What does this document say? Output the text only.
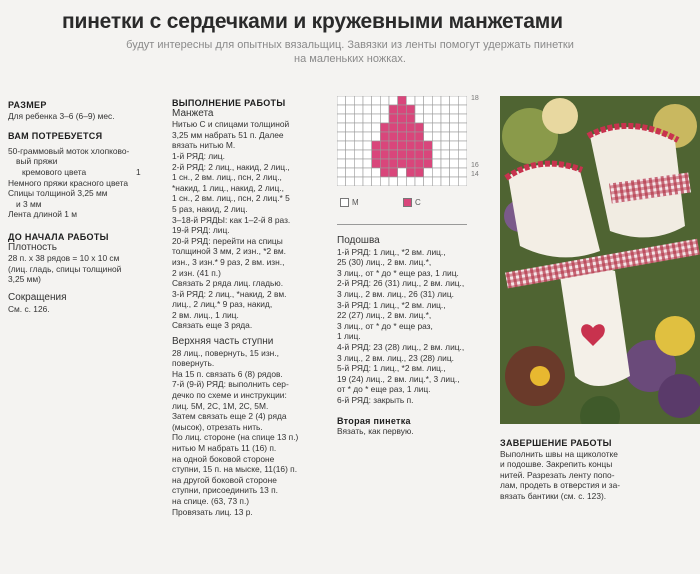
пинетки с сердечками и кружевными манжетами
будут интересны для опытных вязальщиц. Завязки из ленты помогут удержать пинетки
на маленьких ножках.

РАЗМЕР

Для ребенка 3–6 (6–9) мес.

ВАМ ПОТРЕБУЕТСЯ

50-граммовый моток хлопково-

вый пряжи

кремового цвета	1

Немного пряжи красного цвета

Спицы толщиной 3,25 мм

и 3 мм

Лента длиной 1 м

ДО НАЧАЛА РАБОТЫ

Плотность

28 п. х 38 рядов = 10 х 10 см

(лиц. гладь, спицы толщиной

3,25 мм)

Сокращения

См. с. 126.

ВЫПОЛНЕНИЕ РАБОТЫ

Манжета

Нитью С и спицами толщиной

3,25 мм набрать 51 п. Далее

вязать нитью М.

1-й РЯД: лиц.

2-й РЯД: 2 лиц., накид, 2 лиц.,

1 сн., 2 вм. лиц., псн, 2 лиц.,

*накид, 1 лиц., накид, 2 лиц.,

1 сн., 2 вм. лиц., псн, 2 лиц.* 5

5 раз, накид, 2 лиц.

3–18-й РЯДЫ: как 1–2-й 8 раз.

19-й РЯД: лиц.

20-й РЯД: перейти на спицы

толщиной 3 мм, 2 изн., *2 вм.

изн., 3 изн.* 9 раз, 2 вм. изн.,

2 изн. (41 п.)

Связать 2 ряда лиц. гладью.

3-й РЯД: 2 лиц., *накид, 2 вм.

лиц., 2 лиц.* 9 раз, накид,

2 вм. лиц., 1 лиц.

Связать еще 3 ряда.

Верхняя часть ступни

28 лиц., повернуть, 15 изн.,

повернуть.

На 15 п. связать 6 (8) рядов.

7-й (9-й) РЯД: выполнить сер-

дечко по схеме и инструкции:

лиц. 5М, 2С, 1М, 2С, 5М.

Затем связать еще 2 (4) ряда

(мысок), отрезать нить.

По лиц. стороне (на спице 13 п.)

нитью М набрать 11 (16) п.

на одной боковой стороне

ступни, 15 п. на мыске, 11(16) п.

на другой боковой стороне

ступни, присоединить 13 п.

на спице. (63, 73 п.)

Провязать лиц. 13 р.

18

16

14

М	С

Подошва

1-й РЯД: 1 лиц., *2 вм. лиц.,

25 (30) лиц., 2 вм. лиц.*,

3 лиц., от * до * еще раз, 1 лиц.

2-й РЯД: 26 (31) лиц., 2 вм. лиц.,

3 лиц., 2 вм. лиц., 26 (31) лиц.

3-й РЯД: 1 лиц., *2 вм. лиц.,

22 (27) лиц., 2 вм. лиц.*,

3 лиц., от * до * еще раз,

1 лиц.

4-й РЯД: 23 (28) лиц., 2 вм. лиц.,

3 лиц., 2 вм. лиц., 23 (28) лиц.

5-й РЯД: 1 лиц., *2 вм. лиц.,

19 (24) лиц., 2 вм. лиц.*, 3 лиц.,

от * до * еще раз, 1 лиц.

6-й РЯД: закрыть п.

Вторая пинетка

Вязать, как первую.

ЗАВЕРШЕНИЕ РАБОТЫ

Выполнить швы на щиколотке

и подошве. Закрепить концы

нитей. Разрезать ленту попо-

лам, продеть в отверстия и за-

вязать бантики (см. с. 123).
